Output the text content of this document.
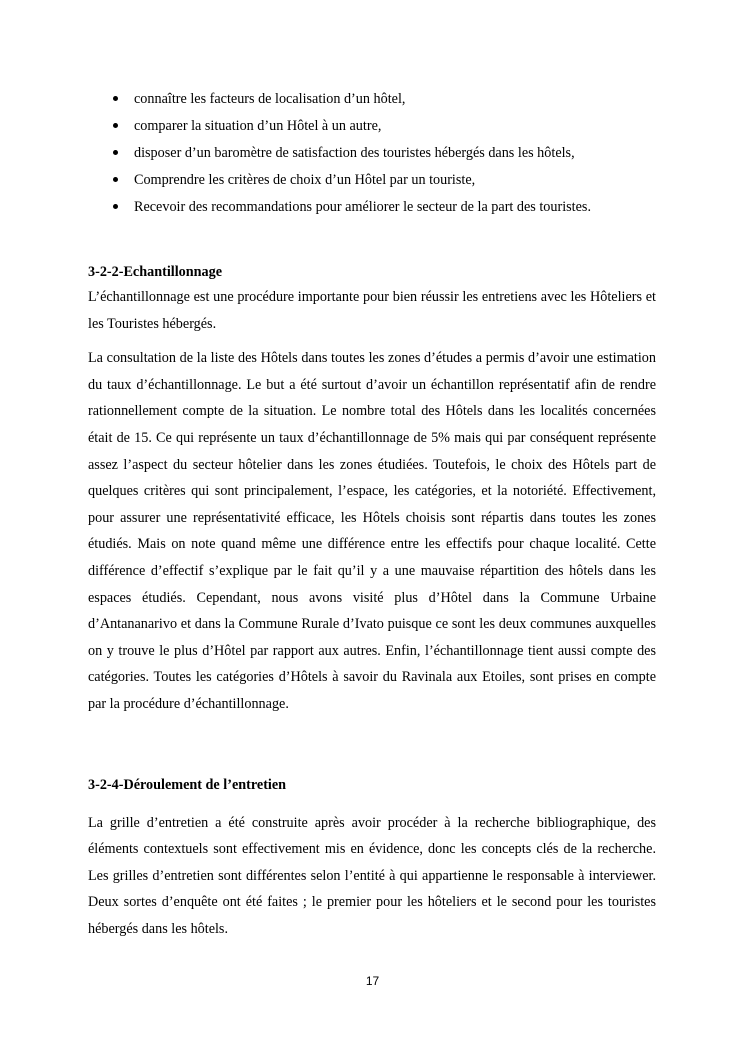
connaître les facteurs de localisation d’un hôtel,
comparer la situation d’un Hôtel à un autre,
disposer d’un baromètre de satisfaction des touristes hébergés dans les hôtels,
Comprendre les critères de choix d’un Hôtel par un touriste,
Recevoir des recommandations pour améliorer le secteur de la part des touristes.
3-2-2-Echantillonnage

L’échantillonnage est une procédure importante pour bien réussir les entretiens avec les Hôteliers et les Touristes hébergés.

La consultation de la liste des Hôtels dans toutes les zones d’études a permis d’avoir une estimation du taux d’échantillonnage. Le but a été surtout d’avoir un échantillon représentatif afin de rendre rationnellement compte de la situation. Le nombre total des Hôtels dans les localités concernées était de 15. Ce qui représente un taux d’échantillonnage de 5% mais qui par conséquent représente assez l’aspect du secteur hôtelier dans les zones étudiées. Toutefois, le choix des Hôtels part de quelques critères qui sont principalement, l’espace, les catégories, et la notoriété. Effectivement, pour assurer une représentativité efficace, les Hôtels choisis sont répartis dans toutes les zones étudiés. Mais on note quand même une différence entre les effectifs pour chaque localité. Cette différence d’effectif s’explique par le fait qu’il y a une mauvaise répartition des hôtels dans les espaces étudiés. Cependant, nous avons visité plus d’Hôtel dans la Commune Urbaine d’Antananarivo et dans la Commune Rurale d’Ivato puisque ce sont les deux communes auxquelles on y trouve le plus d’Hôtel par rapport aux autres. Enfin, l’échantillonnage tient aussi compte des catégories. Toutes les catégories d’Hôtels à savoir du Ravinala aux Etoiles, sont prises en compte par la procédure d’échantillonnage.

3-2-4-Déroulement de l’entretien

La grille d’entretien a été construite après avoir procéder à la recherche bibliographique, des éléments contextuels sont effectivement mis en évidence, donc les concepts clés de la recherche. Les grilles d’entretien sont différentes selon l’entité à qui appartienne le responsable à interviewer. Deux sortes d’enquête ont été faites ; le premier pour les hôteliers et le second pour les touristes hébergés dans les hôtels.

17
